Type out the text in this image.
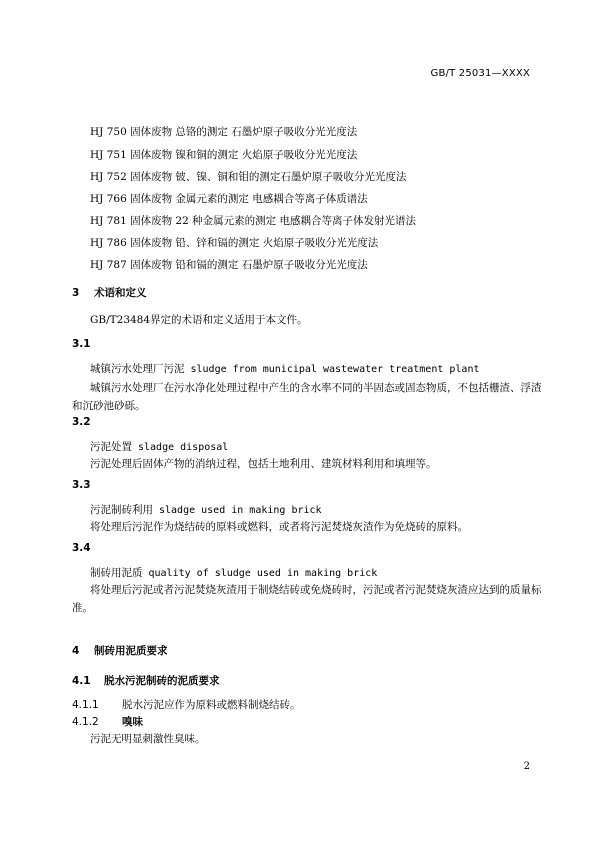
GB/T 25031—XXXX
HJ 750 固体废物 总铬的测定 石墨炉原子吸收分光光度法
HJ 751 固体废物 镍和铜的测定 火焰原子吸收分光光度法
HJ 752 固体废物 铍、镍、铜和钼的测定石墨炉原子吸收分光光度法
HJ 766 固体废物 金属元素的测定 电感耦合等离子体质谱法
HJ 781 固体废物 22 种金属元素的测定 电感耦合等离子体发射光谱法
HJ 786 固体废物 铅、锌和镉的测定 火焰原子吸收分光光度法
HJ 787 固体废物 铅和镉的测定 石墨炉原子吸收分光光度法
3 术语和定义
GB/T23484界定的术语和定义适用于本文件。
3.1
城镇污水处理厂污泥 sludge from municipal wastewater treatment plant
城镇污水处理厂在污水净化处理过程中产生的含水率不同的半固态或固态物质，不包括栅渣、浮渣
和沉砂池砂砾。
3.2
污泥处置 sladge disposal
污泥处理后固体产物的消纳过程，包括土地利用、建筑材料利用和填埋等。
3.3
污泥制砖利用 sladge used in making brick
将处理后污泥作为烧结砖的原料或燃料，或者将污泥焚烧灰渣作为免烧砖的原料。
3.4
制砖用泥质 quality of sludge used in making brick
将处理后污泥或者污泥焚烧灰渣用于制烧结砖或免烧砖时，污泥或者污泥焚烧灰渣应达到的质量标
准。
4 制砖用泥质要求
4.1 脱水污泥制砖的泥质要求
4.1.1 脱水污泥应作为原料或燃料制烧结砖。
4.1.2 嗅味
污泥无明显刺激性臭味。
2
